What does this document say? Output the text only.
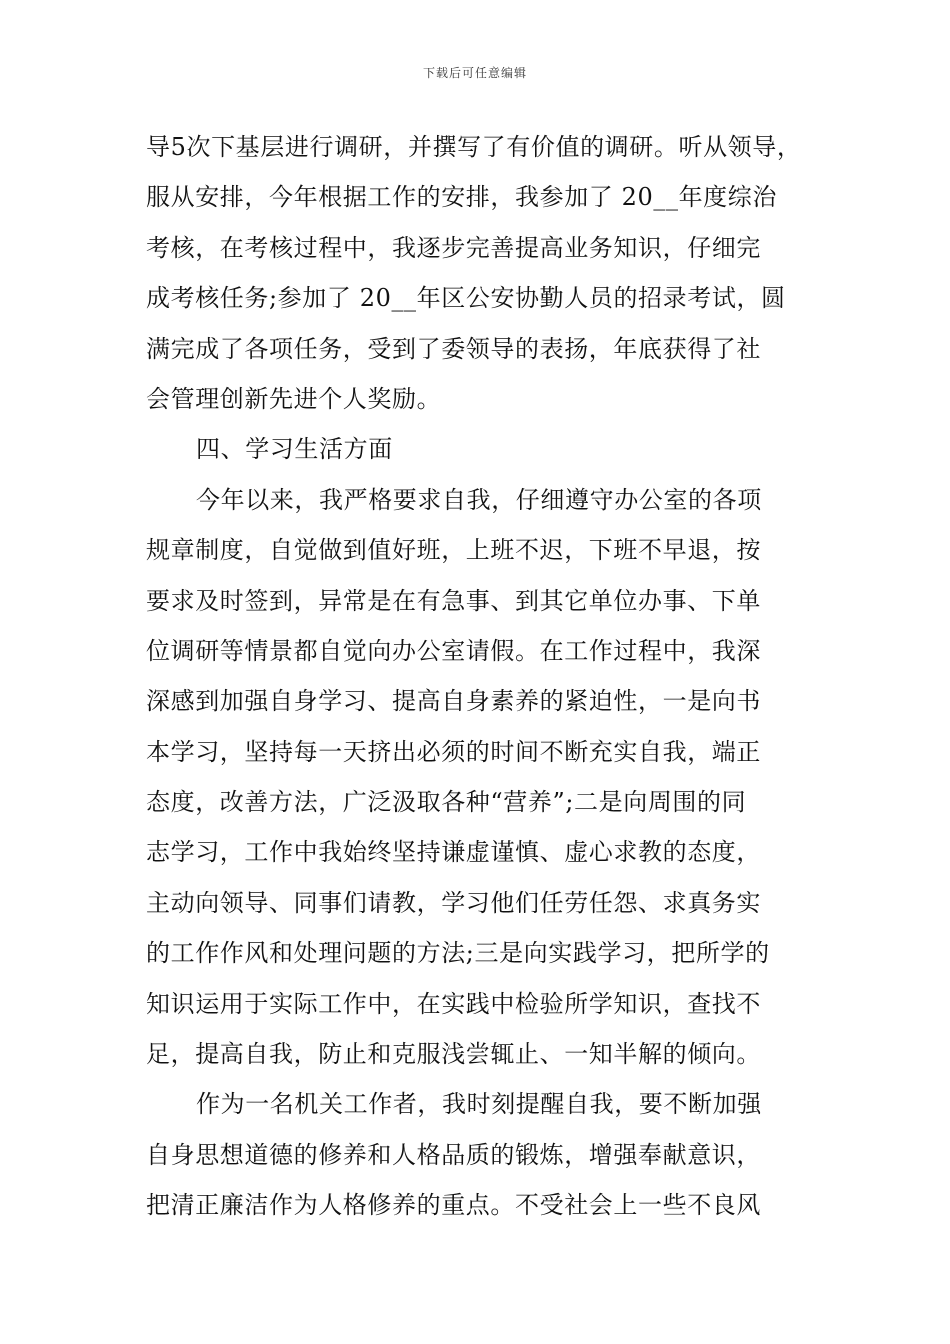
下载后可任意编辑
导5次下基层进行调研，并撰写了有价值的调研。听从领导，
服从安排，今年根据工作的安排，我参加了 20__年度综治
考核，在考核过程中，我逐步完善提高业务知识，仔细完
成考核任务;参加了 20__年区公安协勤人员的招录考试，圆
满完成了各项任务，受到了委领导的表扬，年底获得了社
会管理创新先进个人奖励。
四、学习生活方面
今年以来，我严格要求自我，仔细遵守办公室的各项
规章制度，自觉做到值好班，上班不迟，下班不早退，按
要求及时签到，异常是在有急事、到其它单位办事、下单
位调研等情景都自觉向办公室请假。在工作过程中，我深
深感到加强自身学习、提高自身素养的紧迫性，一是向书
本学习，坚持每一天挤出必须的时间不断充实自我，端正
态度，改善方法，广泛汲取各种“营养”;二是向周围的同
志学习，工作中我始终坚持谦虚谨慎、虚心求教的态度，
主动向领导、同事们请教，学习他们任劳任怨、求真务实
的工作作风和处理问题的方法;三是向实践学习，把所学的
知识运用于实际工作中，在实践中检验所学知识，查找不
足，提高自我，防止和克服浅尝辄止、一知半解的倾向。
作为一名机关工作者，我时刻提醒自我，要不断加强
自身思想道德的修养和人格品质的锻炼，增强奉献意识，
把清正廉洁作为人格修养的重点。不受社会上一些不良风
